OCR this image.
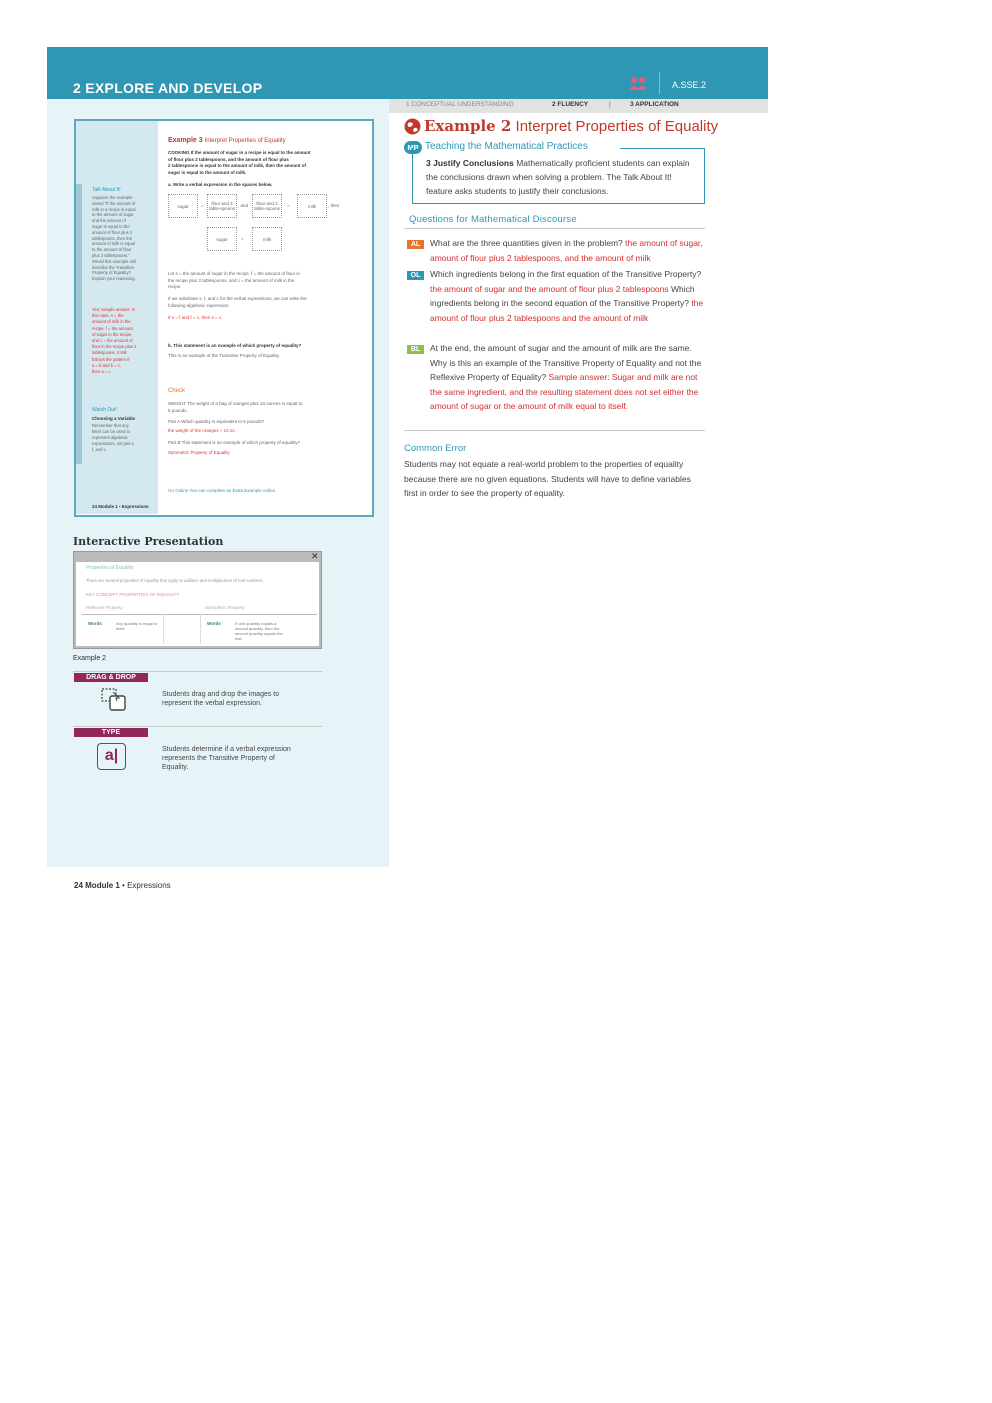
2 EXPLORE AND DEVELOP	A.SSE.2
Example 3 Interpret Properties of Equality
COOKING If the amount of sugar in a recipe is equal to the amount
of flour plus 2 tablespoons, and the amount of flour plus
2 tablespoons is equal to the amount of milk, then the amount of
sugar is equal to the amount of milk.
a. Write a verbal expression in the spaces below.
sugar	=	flour and 2 table-spoons
, and	flour and 2 table-spoons
=	milk	, then
sugar	=	milk
Let s = the amount of sugar in the recipe, f = the amount of flour in
the recipe plus 2 tablespoons, and c = the amount of milk in the
recipe.
If we substitute s, f, and c for the verbal expressions, we can write the
following algebraic expression:
If s = f and f = c, then s = c.
b. This statement is an example of which property of equality?
This is an example of the Transitive Property of Equality.
Check
WEIGHT The weight of a bag of oranges plus 13 ounces is equal to
5 pounds.
Part A Which quantity is equivalent to 5 pounds?
the weight of the oranges + 13 oz.
Part B This statement is an example of which property of equality?
Symmetric Property of Equality
Go Online You can complete an Extra Example online.
24 Module 1 • Expressions
Talk About It!
Suppose the example
stated "If the amount of
milk in a recipe is equal
to the amount of sugar
and the amount of
sugar is equal to the
amount of flour plus 2
tablespoons, then the
amount of milk is equal
to the amount of flour
plus 2 tablespoons."
Would this example still
describe the Transitive
Property of Equality?
Explain your reasoning.
Yes; sample answer: In
this case, s = the
amount of milk in the
recipe, f = the amount
of sugar in the recipe,
and c = the amount of
flour in the recipe plus 2
tablespoons. It still
follows the pattern If
a = b and b = c,
then a = c.
Watch Out!
Choosing a Variable
Remember that any
letter can be used to
represent algebraic
expressions, not just s,
f, and c.
Interactive Presentation
✕
Properties of Equality
There are several properties of equality that apply to addition and multiplication of real numbers.
KEY CONCEPT PROPERTIES OF EQUALITY
Reflexive Property	Symmetric Property
Words	Any quantity is equal to itself.
Words	If one quantity equals a second quantity, then the second quantity equals the first.
Example 2
DRAG & DROP
Students drag and drop the images to
represent the verbal expression.
TYPE
a|	Students determine if a verbal expression
represents the Transitive Property of
Equality.
1 CONCEPTUAL UNDERSTANDING	2 FLUENCY	|	3 APPLICATION
Example 2 Interpret Properties of Equality
MP Teaching the Mathematical Practices
3 Justify Conclusions Mathematically proficient students can explain the conclusions drawn when solving a problem. The Talk About It! feature asks students to justify their conclusions.
Questions for Mathematical Discourse
AL	What are the three quantities given in the problem? the amount of sugar, amount of flour plus 2 tablespoons, and the amount of milk
OL	Which ingredients belong in the first equation of the Transitive Property? the amount of sugar and the amount of flour plus 2 tablespoons Which ingredients belong in the second equation of the Transitive Property? the amount of flour plus 2 tablespoons and the amount of milk
BL	At the end, the amount of sugar and the amount of milk are the same. Why is this an example of the Transitive Property of Equality and not the Reflexive Property of Equality? Sample answer: Sugar and milk are not the same ingredient, and the resulting statement does not set either the amount of sugar or the amount of milk equal to itself.
Common Error
Students may not equate a real-world problem to the properties of equality because there are no given equations. Students will have to define variables first in order to see the property of equality.
24 Module 1 • Expressions
